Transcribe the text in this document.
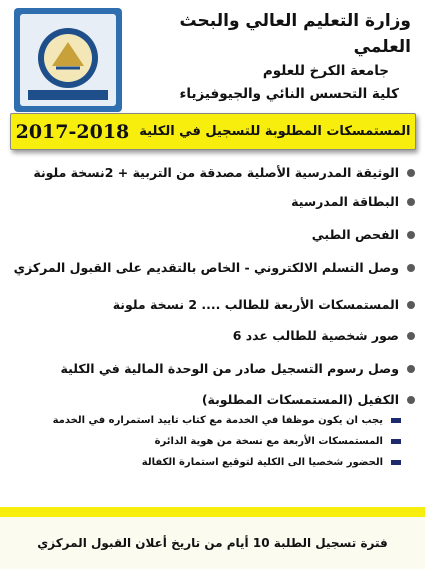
وزارة التعليم العالي والبحث العلمي
جامعة الكرخ للعلوم
كلية التحسس النائي والجيوفيزياء
المستمسكات المطلوبة للتسجيل في الكلية
2017-2018
الوثيقة المدرسية الأصلية مصدقة من التربية + 2نسخة ملونة
البطاقة المدرسية
الفحص الطبي
وصل التسلم الالكتروني - الخاص بالتقديم على القبول المركزي
المستمسكات الأربعة للطالب .... 2 نسخة ملونة
صور شخصية للطالب عدد 6
وصل رسوم التسجيل صادر من الوحدة المالية في الكلية
الكفيل (المستمسكات المطلوبة)
يجب ان يكون موظفا في الخدمة مع كتاب تاييد استمراره في الخدمة
المستمسكات الأربعة مع نسخة من هوية الدائرة
الحضور شخصيا الى الكلية لتوقيع استمارة الكفالة
فترة تسجيل الطلبة 10 أيام من تاريخ أعلان القبول المركزي
